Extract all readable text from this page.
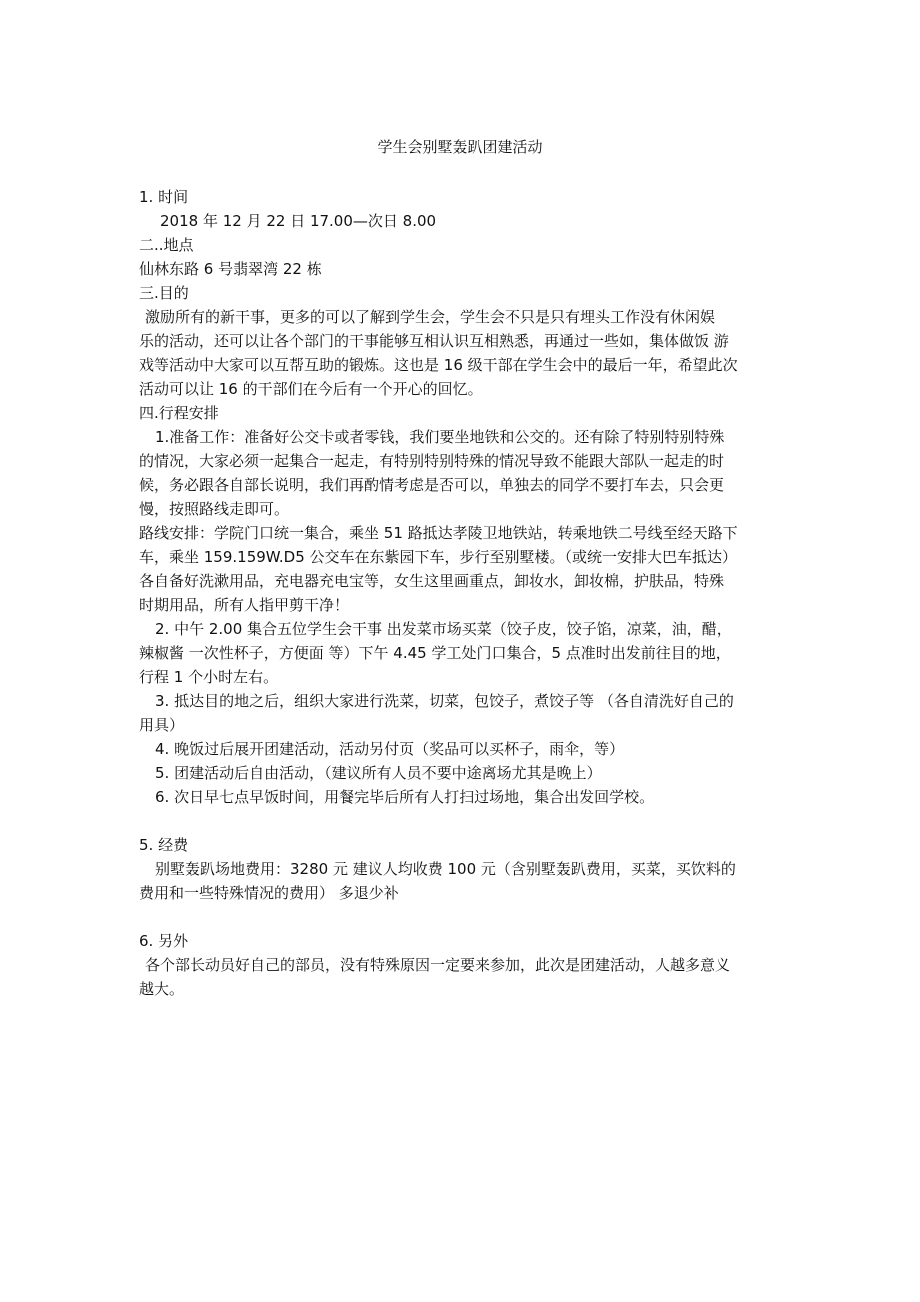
学生会别墅轰趴团建活动
1. 时间
2018 年 12 月 22 日 17.00—次日 8.00
二..地点
仙林东路 6 号翡翠湾 22 栋
三.目的
激励所有的新干事，更多的可以了解到学生会，学生会不只是只有埋头工作没有休闲娱
乐的活动，还可以让各个部门的干事能够互相认识互相熟悉，再通过一些如，集体做饭 游
戏等活动中大家可以互帮互助的锻炼。这也是 16 级干部在学生会中的最后一年，希望此次
活动可以让 16 的干部们在今后有一个开心的回忆。
四.行程安排
1.准备工作：准备好公交卡或者零钱，我们要坐地铁和公交的。还有除了特别特别特殊
的情况，大家必须一起集合一起走，有特别特别特殊的情况导致不能跟大部队一起走的时
候，务必跟各自部长说明，我们再酌情考虑是否可以，单独去的同学不要打车去，只会更
慢，按照路线走即可。
路线安排：学院门口统一集合，乘坐 51 路抵达孝陵卫地铁站，转乘地铁二号线至经天路下
车，乘坐 159.159W.D5 公交车在东紫园下车，步行至别墅楼。（或统一安排大巴车抵达）
各自备好洗漱用品，充电器充电宝等，女生这里画重点，卸妆水，卸妆棉，护肤品，特殊
时期用品，所有人指甲剪干净！
2. 中午 2.00 集合五位学生会干事 出发菜市场买菜（饺子皮，饺子馅，凉菜，油，醋，
辣椒酱 一次性杯子，方便面 等）下午 4.45 学工处门口集合，5 点准时出发前往目的地，
行程 1 个小时左右。
3. 抵达目的地之后，组织大家进行洗菜，切菜，包饺子，煮饺子等 （各自清洗好自己的
用具）
4. 晚饭过后展开团建活动，活动另付页（奖品可以买杯子，雨伞，等）
5. 团建活动后自由活动，（建议所有人员不要中途离场尤其是晚上）
6. 次日早七点早饭时间，用餐完毕后所有人打扫过场地，集合出发回学校。
5. 经费
别墅轰趴场地费用：3280 元 建议人均收费 100 元（含别墅轰趴费用，买菜，买饮料的
费用和一些特殊情况的费用） 多退少补
6. 另外
各个部长动员好自己的部员，没有特殊原因一定要来参加，此次是团建活动，人越多意义
越大。
